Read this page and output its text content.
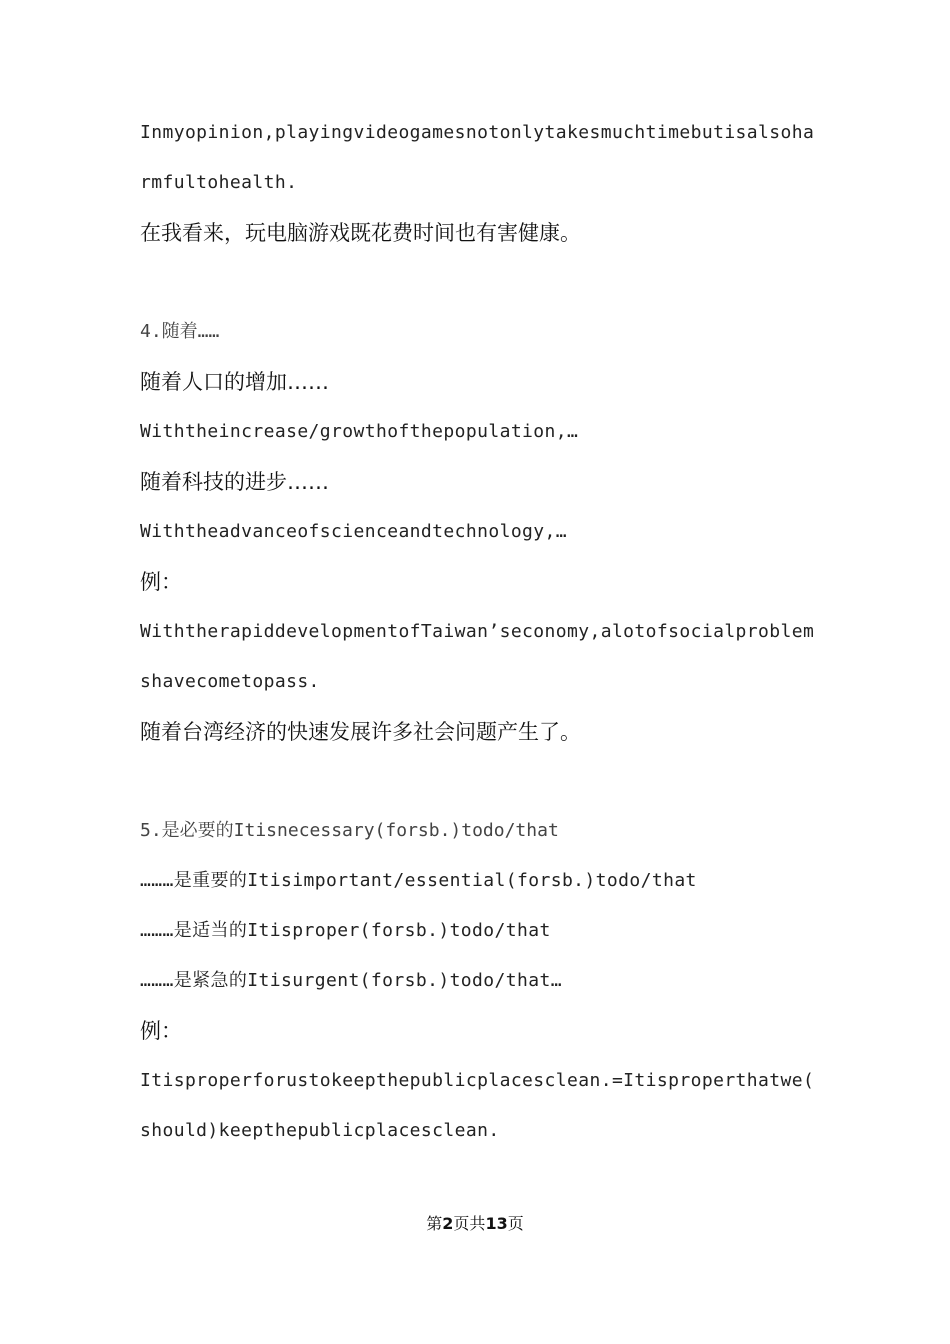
Inmyopinion,playingvideogamesnotonlytakesmuchtimebutisalsoha
rmfultohealth.
在我看来，玩电脑游戏既花费时间也有害健康。
4.随着……
随着人口的增加……
Withtheincrease/growthofthepopulation,…
随着科技的进步……
Withtheadvanceofscienceandtechnology,…
例：
WiththerapiddevelopmentofTaiwan’seconomy,alotofsocialproblem
shavecometopass.
随着台湾经济的快速发展许多社会问题产生了。
5.是必要的Itisnecessary(forsb.)todo/that
………是重要的Itisimportant/essential(forsb.)todo/that
………是适当的Itisproper(forsb.)todo/that
………是紧急的Itisurgent(forsb.)todo/that…
例：
Itisproperforustokeepthepublicplacesclean.=Itisproperthatwe(
should)keepthepublicplacesclean.
第2页共13页
